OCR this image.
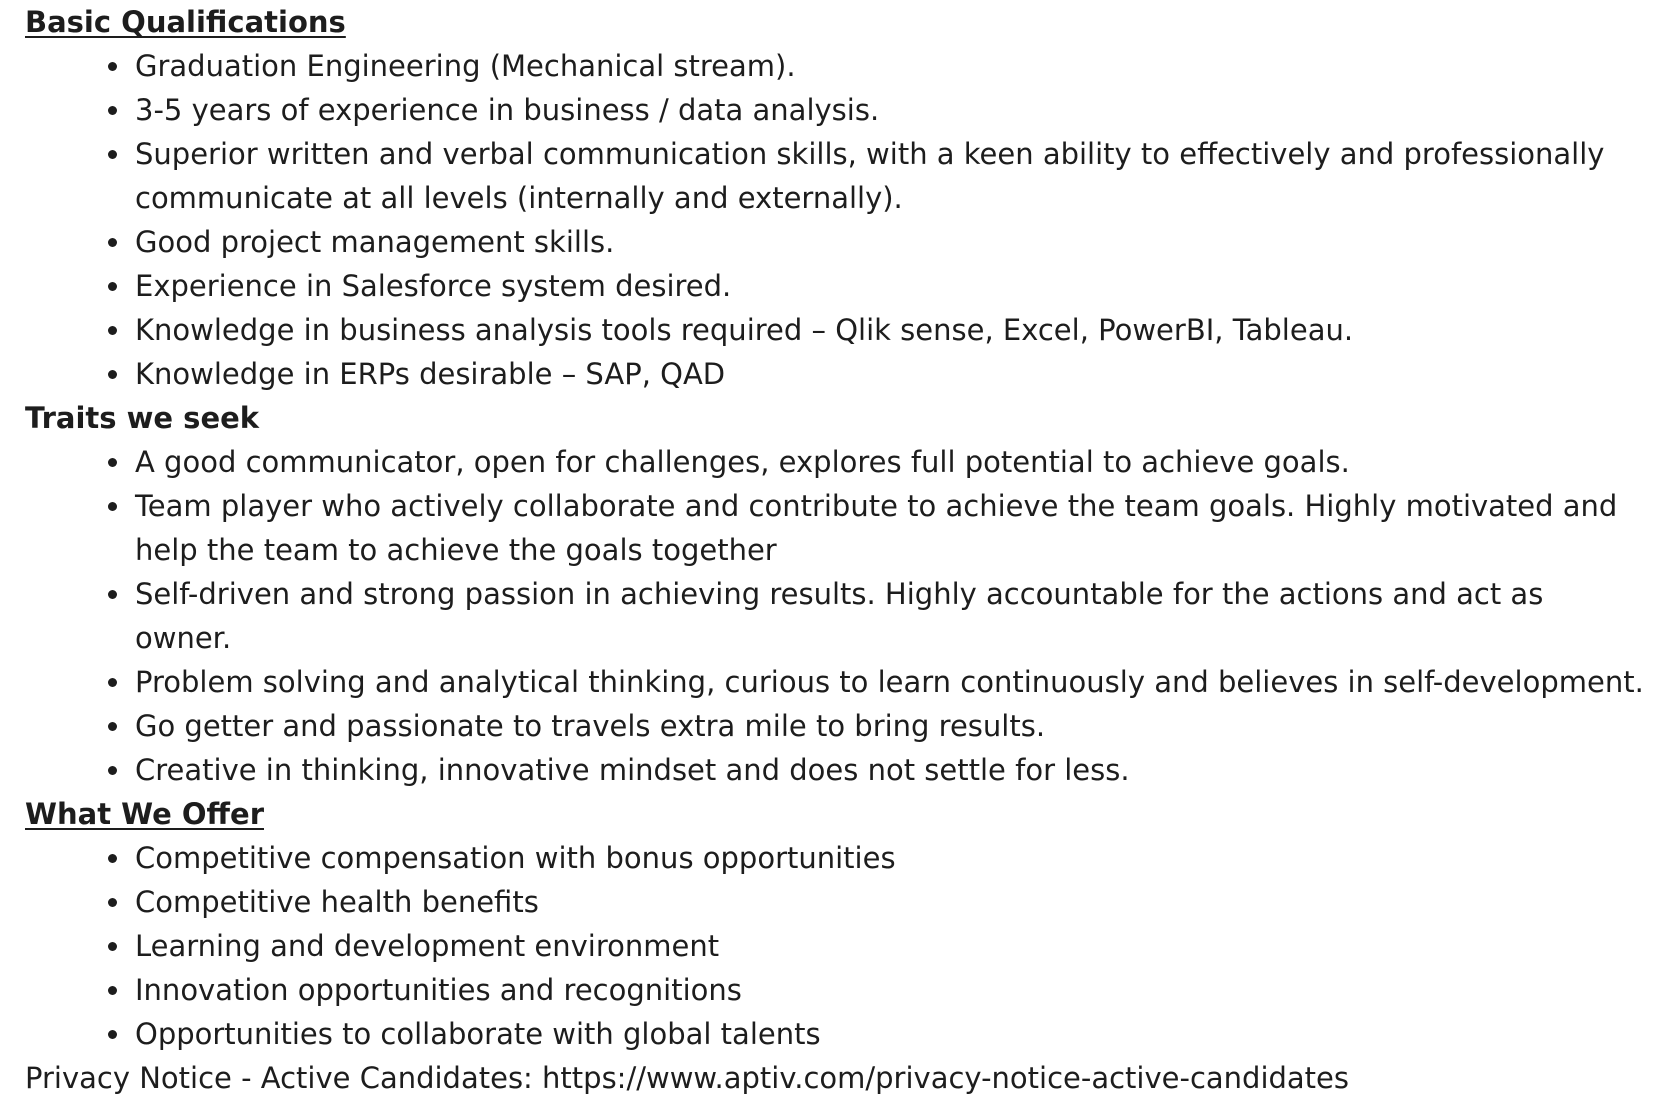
Basic Qualifications
Graduation Engineering (Mechanical stream).
3-5 years of experience in business / data analysis.
Superior written and verbal communication skills, with a keen ability to effectively and professionally communicate at all levels (internally and externally).
Good project management skills.
Experience in Salesforce system desired.
Knowledge in business analysis tools required – Qlik sense, Excel, PowerBI, Tableau.
Knowledge in ERPs desirable – SAP, QAD
Traits we seek
A good communicator, open for challenges, explores full potential to achieve goals.
Team player who actively collaborate and contribute to achieve the team goals. Highly motivated and help the team to achieve the goals together
Self-driven and strong passion in achieving results. Highly accountable for the actions and act as owner.
Problem solving and analytical thinking, curious to learn continuously and believes in self-development.
Go getter and passionate to travels extra mile to bring results.
Creative in thinking, innovative mindset and does not settle for less.
What We Offer
Competitive compensation with bonus opportunities
Competitive health benefits
Learning and development environment
Innovation opportunities and recognitions
Opportunities to collaborate with global talents

Privacy Notice - Active Candidates: https://www.aptiv.com/privacy-notice-active-candidates
